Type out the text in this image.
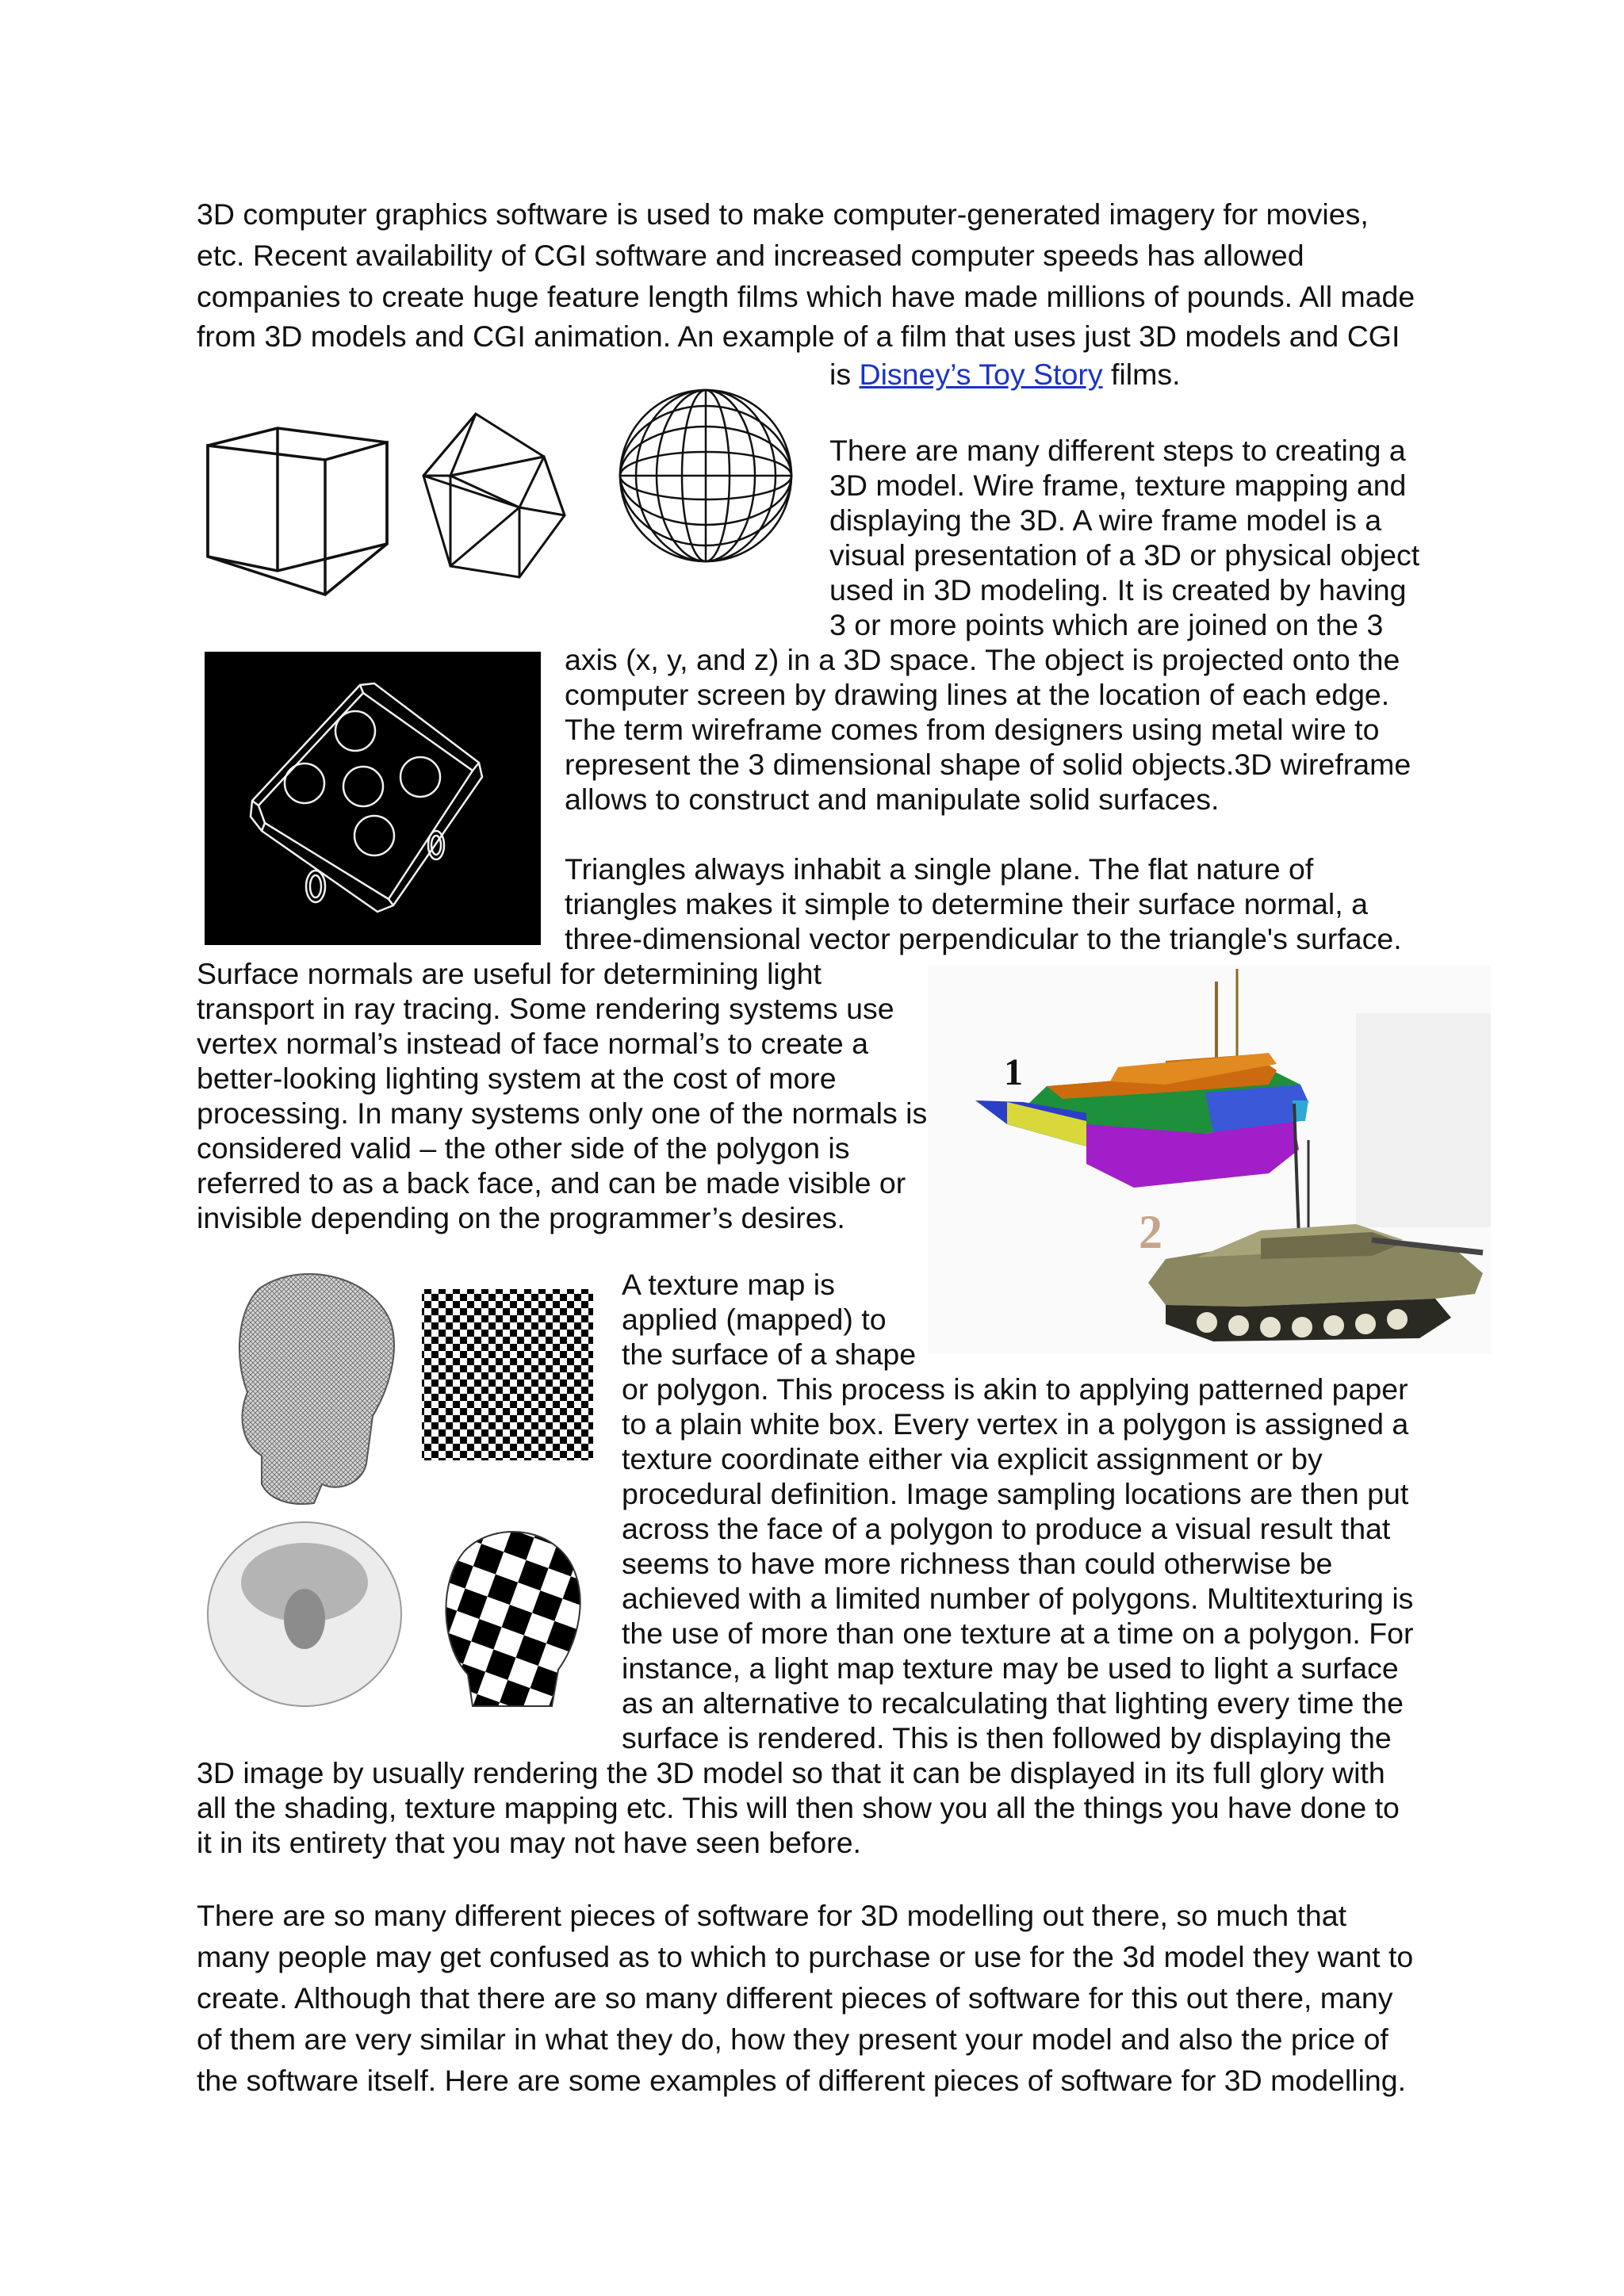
3D computer graphics software is used to make computer-generated imagery for movies,

etc. Recent availability of CGI software and increased computer speeds has allowed

companies to create huge feature length films which have made millions of pounds. All made

from 3D models and CGI animation. An example of a film that uses just 3D models and CGI

is Disney’s Toy Story films.

There are many different steps to creating a

3D model. Wire frame, texture mapping and

displaying the 3D. A wire frame model is a

visual presentation of a 3D or physical object

used in 3D modeling. It is created by having

3 or more points which are joined on the 3

axis (x, y, and z) in a 3D space. The object is projected onto the

computer screen by drawing lines at the location of each edge.

The term wireframe comes from designers using metal wire to

represent the 3 dimensional shape of solid objects.3D wireframe

allows to construct and manipulate solid surfaces.

Triangles always inhabit a single plane. The flat nature of

triangles makes it simple to determine their surface normal, a

three-dimensional vector perpendicular to the triangle's surface.

Surface normals are useful for determining light

transport in ray tracing. Some rendering systems use

vertex normal’s instead of face normal’s to create a

better-looking lighting system at the cost of more

processing. In many systems only one of the normals is

considered valid – the other side of the polygon is

referred to as a back face, and can be made visible or

invisible depending on the programmer’s desires.

1
2

A texture map is

applied (mapped) to

the surface of a shape

or polygon. This process is akin to applying patterned paper

to a plain white box. Every vertex in a polygon is assigned a

texture coordinate either via explicit assignment or by

procedural definition. Image sampling locations are then put

across the face of a polygon to produce a visual result that

seems to have more richness than could otherwise be

achieved with a limited number of polygons. Multitexturing is

the use of more than one texture at a time on a polygon. For

instance, a light map texture may be used to light a surface

as an alternative to recalculating that lighting every time the

surface is rendered. This is then followed by displaying the

3D image by usually rendering the 3D model so that it can be displayed in its full glory with

all the shading, texture mapping etc. This will then show you all the things you have done to

it in its entirety that you may not have seen before.

There are so many different pieces of software for 3D modelling out there, so much that

many people may get confused as to which to purchase or use for the 3d model they want to

create. Although that there are so many different pieces of software for this out there, many

of them are very similar in what they do, how they present your model and also the price of

the software itself. Here are some examples of different pieces of software for 3D modelling.
